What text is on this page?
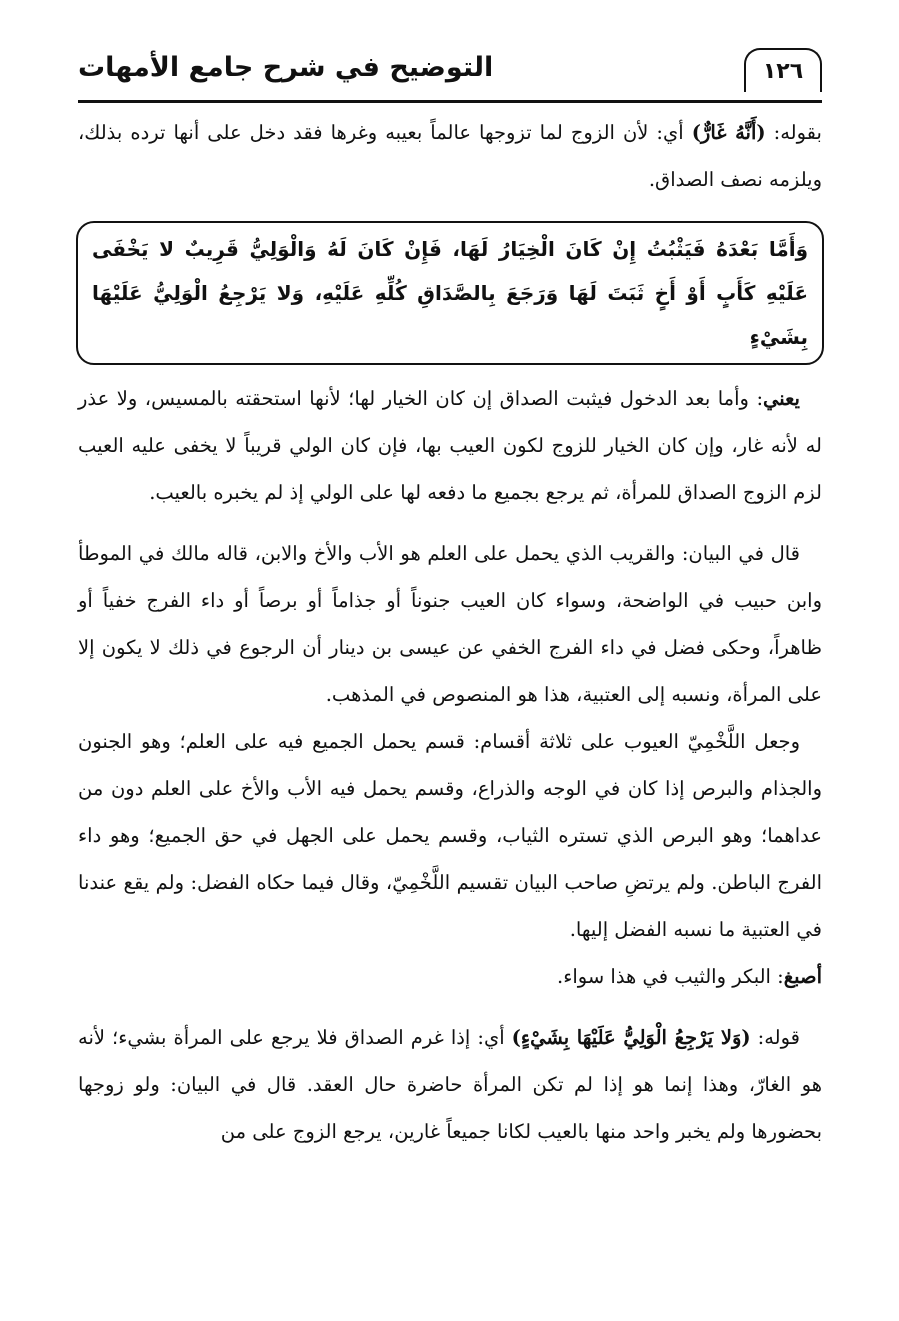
١٢٦
التوضيح في شرح جامع الأمهات

بقوله: (أَنَّهُ غَارٌّ) أي: لأن الزوج لما تزوجها عالماً بعيبه وغرها فقد دخل على أنها ترده بذلك، ويلزمه نصف الصداق.

وَأَمَّا بَعْدَهُ فَيَثْبُتُ إِنْ كَانَ الْخِيَارُ لَهَا، فَإِنْ كَانَ لَهُ وَالْوَلِيُّ قَرِيبٌ لا يَخْفَى عَلَيْهِ كَأَبٍ أَوْ أَخٍ ثَبَتَ لَهَا وَرَجَعَ بِالصَّدَاقِ كُلِّهِ عَلَيْهِ، وَلا يَرْجِعُ الْوَلِيُّ عَلَيْهَا بِشَيْءٍ

يعني: وأما بعد الدخول فيثبت الصداق إن كان الخيار لها؛ لأنها استحقته بالمسيس، ولا عذر له لأنه غار، وإن كان الخيار للزوج لكون العيب بها، فإن كان الولي قريباً لا يخفى عليه العيب لزم الزوج الصداق للمرأة، ثم يرجع بجميع ما دفعه لها على الولي إذ لم يخبره بالعيب.

قال في البيان: والقريب الذي يحمل على العلم هو الأب والأخ والابن، قاله مالك في الموطأ وابن حبيب في الواضحة، وسواء كان العيب جنوناً أو جذاماً أو برصاً أو داء الفرج خفياً أو ظاهراً، وحكى فضل في داء الفرج الخفي عن عيسى بن دينار أن الرجوع في ذلك لا يكون إلا على المرأة، ونسبه إلى العتبية، هذا هو المنصوص في المذهب.

وجعل اللَّخْمِيّ العيوب على ثلاثة أقسام: قسم يحمل الجميع فيه على العلم؛ وهو الجنون والجذام والبرص إذا كان في الوجه والذراع، وقسم يحمل فيه الأب والأخ على العلم دون من عداهما؛ وهو البرص الذي تستره الثياب، وقسم يحمل على الجهل في حق الجميع؛ وهو داء الفرج الباطن. ولم يرتضِ صاحب البيان تقسيم اللَّخْمِيّ، وقال فيما حكاه الفضل: ولم يقع عندنا في العتبية ما نسبه الفضل إليها.

أصبغ: البكر والثيب في هذا سواء.

قوله: (وَلا يَرْجِعُ الْوَلِيُّ عَلَيْهَا بِشَيْءٍ) أي: إذا غرم الصداق فلا يرجع على المرأة بشيء؛ لأنه هو الغارّ، وهذا إنما هو إذا لم تكن المرأة حاضرة حال العقد. قال في البيان: ولو زوجها بحضورها ولم يخبر واحد منها بالعيب لكانا جميعاً غارين، يرجع الزوج على من
